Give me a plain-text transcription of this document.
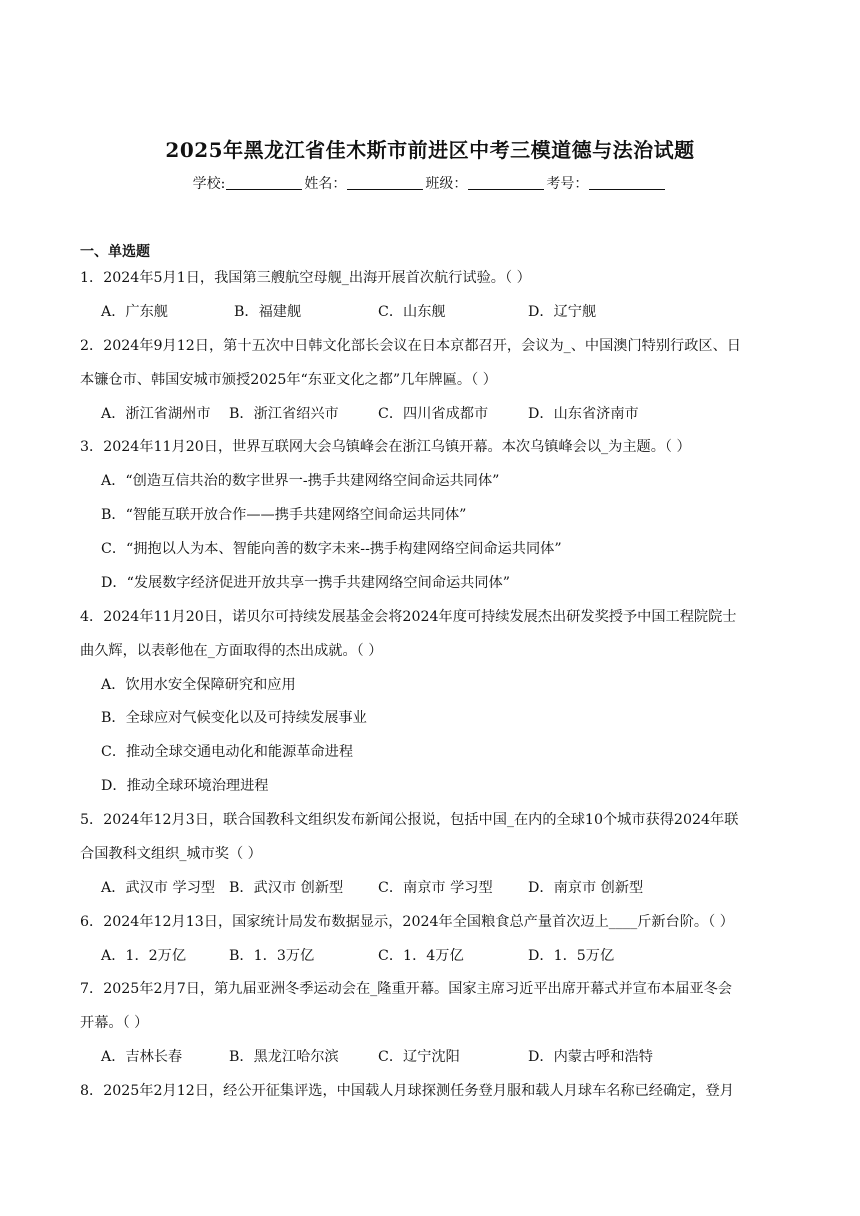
2025年黑龙江省佳木斯市前进区中考三模道德与法治试题
学校:	姓名：	班级：	考号：
一、单选题
1．2024年5月1日，我国第三艘航空母舰_出海开展首次航行试验。（ ）
A．广东舰	B．福建舰	C．山东舰	D．辽宁舰
2．2024年9月12日，第十五次中日韩文化部长会议在日本京都召开，会议为_、中国澳门特别行政区、日
本镰仓市、韩国安城市颁授2025年“东亚文化之都”几年牌匾。（ ）
A．浙江省湖州市 B．浙江省绍兴市	C．四川省成都市	D．山东省济南市
3．2024年11月20日，世界互联网大会乌镇峰会在浙江乌镇开幕。本次乌镇峰会以_为主题。（ ）
A．“创造互信共治的数字世界一-携手共建网络空间命运共同体”
B．“智能互联开放合作——携手共建网络空间命运共同体”
C．“拥抱以人为本、智能向善的数字未来--携手构建网络空间命运共同体”
D．“发展数字经济促进开放共享一携手共建网络空间命运共同体”
4．2024年11月20日，诺贝尔可持续发展基金会将2024年度可持续发展杰出研发奖授予中国工程院院士
曲久辉，以表彰他在_方面取得的杰出成就。（ ）
A．饮用水安全保障研究和应用
B．全球应对气候变化以及可持续发展事业
C．推动全球交通电动化和能源革命进程
D．推动全球环境治理进程
5．2024年12月3日，联合国教科文组织发布新闻公报说，包括中国_在内的全球10个城市获得2024年联
合国教科文组织_城市奖（ ）
A．武汉市 学习型 B．武汉市 创新型 C．南京市 学习型 D．南京市 创新型
6．2024年12月13日，国家统计局发布数据显示，2024年全国粮食总产量首次迈上____斤新台阶。（ ）
A．1．2万亿	B．1．3万亿	C．1．4万亿	D．1．5万亿
7．2025年2月7日，第九届亚洲冬季运动会在_隆重开幕。国家主席习近平出席开幕式并宣布本届亚冬会
开幕。（ ）
A．吉林长春	B．黑龙江哈尔滨	C．辽宁沈阳	D．内蒙古呼和浩特
8．2025年2月12日，经公开征集评选，中国载人月球探测任务登月服和载人月球车名称已经确定，登月
